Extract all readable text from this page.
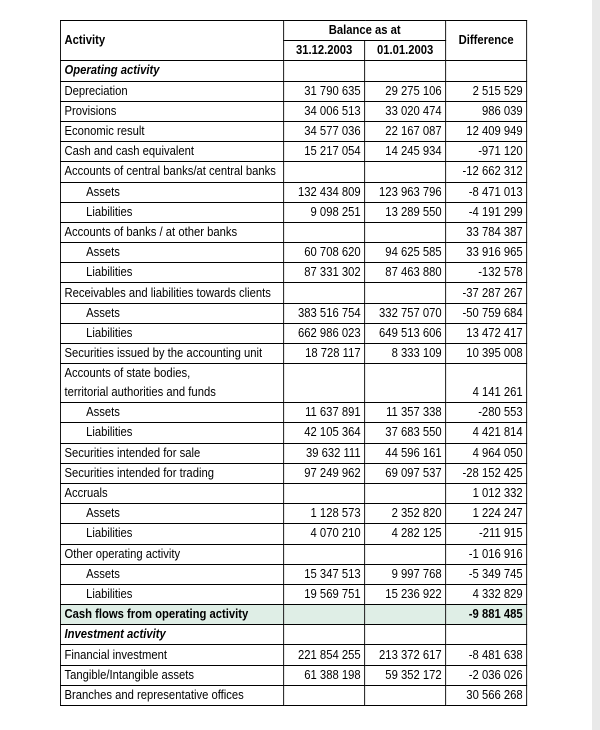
Activity	Balance as at		Difference
	31.12.2003	01.01.2003	
Operating activity			
Depreciation	31 790 635	29 275 106	2 515 529
Provisions	34 006 513	33 020 474	986 039
Economic result	34 577 036	22 167 087	12 409 949
Cash and cash equivalent	15 217 054	14 245 934	-971 120
Accounts of central banks/at central banks			-12 662 312
Assets	132 434 809	123 963 796	-8 471 013
Liabilities	9 098 251	13 289 550	-4 191 299
Accounts of banks / at other banks			33 784 387
Assets	60 708 620	94 625 585	33 916 965
Liabilities	87 331 302	87 463 880	-132 578
Receivables and liabilities towards clients			-37 287 267
Assets	383 516 754	332 757 070	-50 759 684
Liabilities	662 986 023	649 513 606	13 472 417
Securities issued by the accounting unit	18 728 117	8 333 109	10 395 008

Accounts of state bodies,
territorial authorities and funds			4 141 261
Assets	11 637 891	11 357 338	-280 553
Liabilities	42 105 364	37 683 550	4 421 814
Securities intended for sale	39 632 111	44 596 161	4 964 050
Securities intended for trading	97 249 962	69 097 537	-28 152 425
Accruals			1 012 332
Assets	1 128 573	2 352 820	1 224 247
Liabilities	4 070 210	4 282 125	-211 915
Other operating activity			-1 016 916
Assets	15 347 513	9 997 768	-5 349 745
Liabilities	19 569 751	15 236 922	4 332 829
Cash flows from operating activity			-9 881 485
Investment activity			
Financial investment	221 854 255	213 372 617	-8 481 638
Tangible/Intangible assets	61 388 198	59 352 172	-2 036 026
Branches and representative offices			30 566 268
